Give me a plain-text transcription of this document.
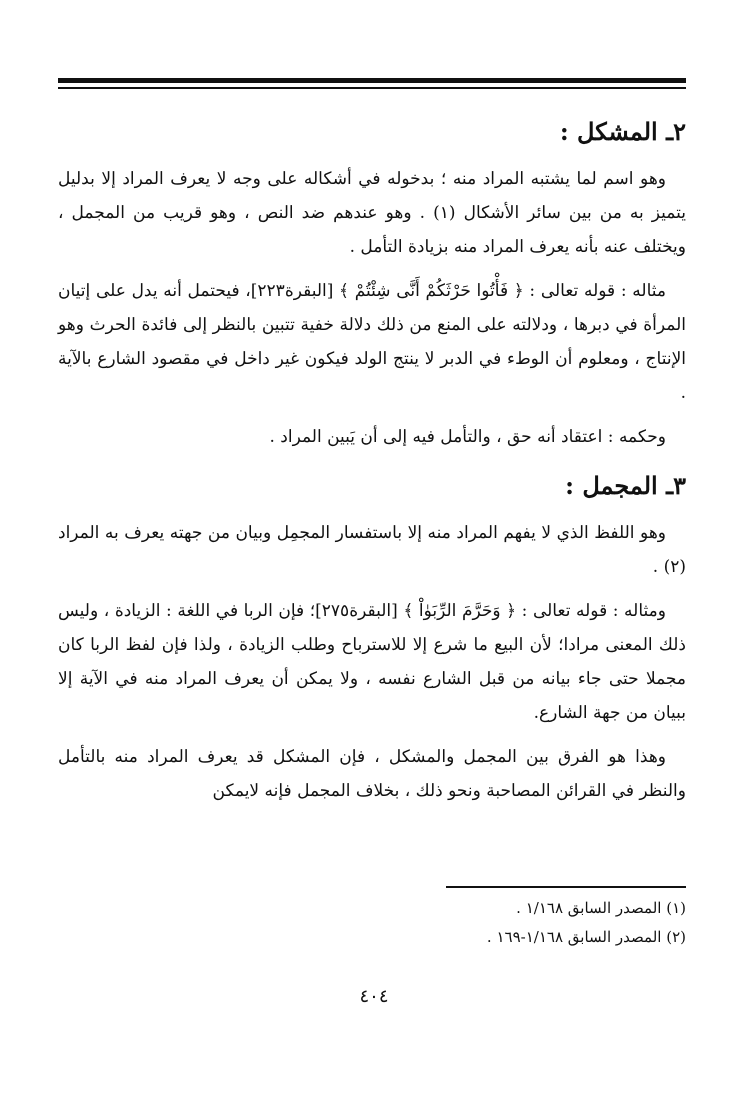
٢ـ المشكل :

وهو اسم لما يشتبه المراد منه ؛ بدخوله في أشكاله على وجه لا يعرف المراد إلا بدليل يتميز به من بين سائر الأشكال (١) . وهو عندهم ضد النص ، وهو قريب من المجمل ، ويختلف عنه بأنه يعرف المراد منه بزيادة التأمل .

مثاله : قوله تعالى : ﴿ فَأْتُوا حَرْثَكُمْ أَنَّى شِئْتُمْ ﴾ [البقرة٢٢٣]، فيحتمل أنه يدل على إتيان المرأة في دبرها ، ودلالته على المنع من ذلك دلالة خفية تتبين بالنظر إلى فائدة الحرث وهو الإنتاج ، ومعلوم أن الوطء في الدبر لا ينتج الولد فيكون غير داخل في مقصود الشارع بالآية .

وحكمه : اعتقاد أنه حق ، والتأمل فيه إلى أن يَبين المراد .

٣ـ المجمل :

وهو اللفظ الذي لا يفهم المراد منه إلا باستفسار المجمِل وبيان من جهته يعرف به المراد (٢) .

ومثاله : قوله تعالى : ﴿ وَحَرَّمَ الرِّبَوٰاْ ﴾ [البقرة٢٧٥]؛ فإن الربا في اللغة : الزيادة ، وليس ذلك المعنى مرادا؛ لأن البيع ما شرع إلا للاسترباح وطلب الزيادة ، ولذا فإن لفظ الربا كان مجملا حتى جاء بيانه من قبل الشارع نفسه ، ولا يمكن أن يعرف المراد منه في الآية إلا ببيان من جهة الشارع.

وهذا هو الفرق بين المجمل والمشكل ، فإن المشكل قد يعرف المراد منه بالتأمل والنظر في القرائن المصاحبة ونحو ذلك ، بخلاف المجمل فإنه لايمكن

(١) المصدر السابق ١/١٦٨ .

(٢) المصدر السابق ١/١٦٨-١٦٩ .

٤٠٤
